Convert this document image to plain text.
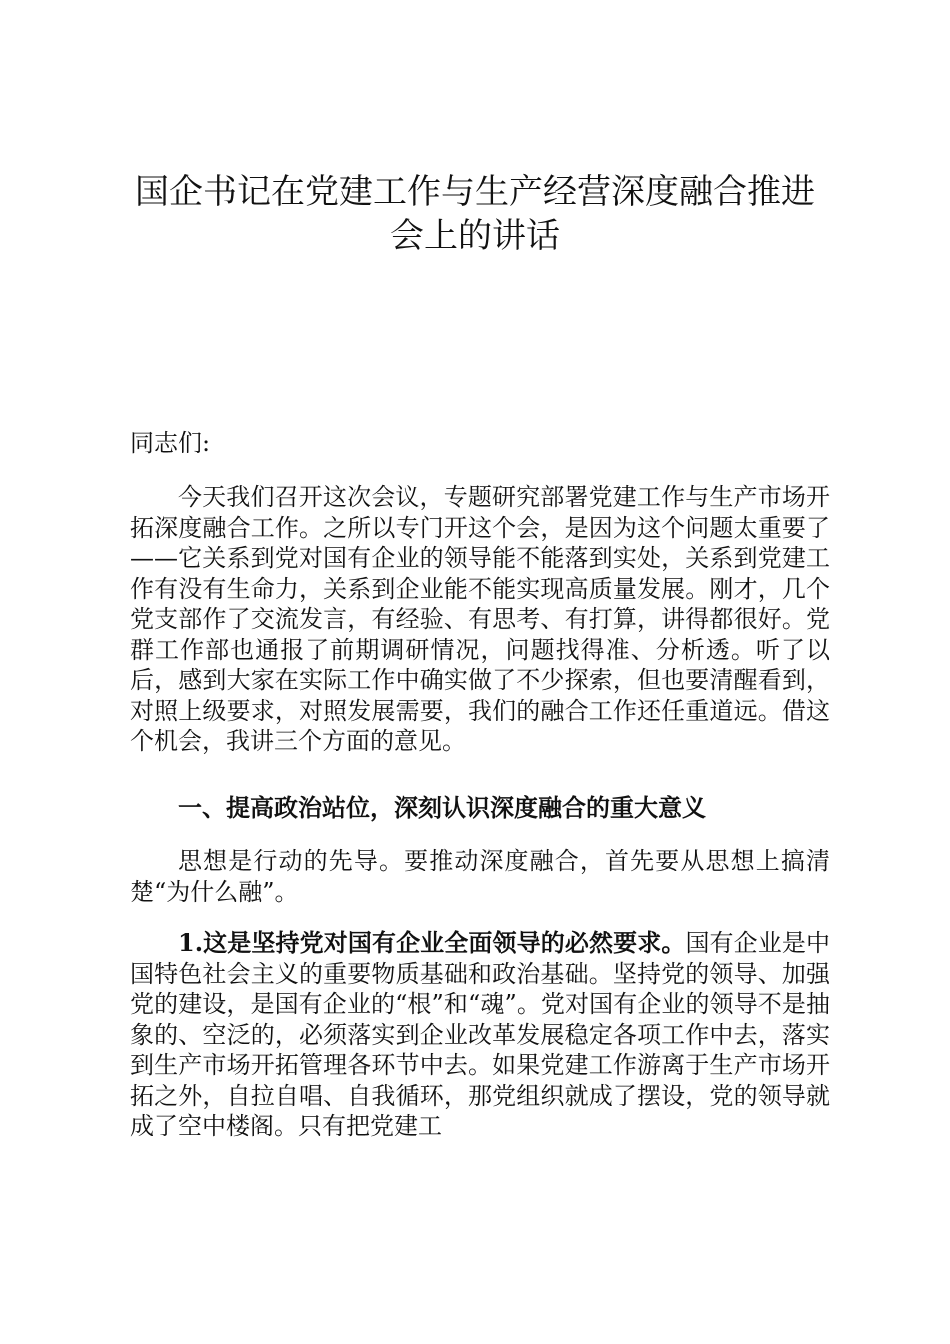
国企书记在党建工作与生产经营深度融合推进会上的讲话

同志们:

今天我们召开这次会议，专题研究部署党建工作与生产市场开拓深度融合工作。之所以专门开这个会，是因为这个问题太重要了——它关系到党对国有企业的领导能不能落到实处，关系到党建工作有没有生命力，关系到企业能不能实现高质量发展。刚才，几个党支部作了交流发言，有经验、有思考、有打算，讲得都很好。党群工作部也通报了前期调研情况，问题找得准、分析透。听了以后，感到大家在实际工作中确实做了不少探索，但也要清醒看到，对照上级要求，对照发展需要，我们的融合工作还任重道远。借这个机会，我讲三个方面的意见。

一、提高政治站位，深刻认识深度融合的重大意义

思想是行动的先导。要推动深度融合，首先要从思想上搞清楚“为什么融”。

1.这是坚持党对国有企业全面领导的必然要求。国有企业是中国特色社会主义的重要物质基础和政治基础。坚持党的领导、加强党的建设，是国有企业的“根”和“魂”。党对国有企业的领导不是抽象的、空泛的，必须落实到企业改革发展稳定各项工作中去，落实到生产市场开拓管理各环节中去。如果党建工作游离于生产市场开拓之外，自拉自唱、自我循环，那党组织就成了摆设，党的领导就成了空中楼阁。只有把党建工
